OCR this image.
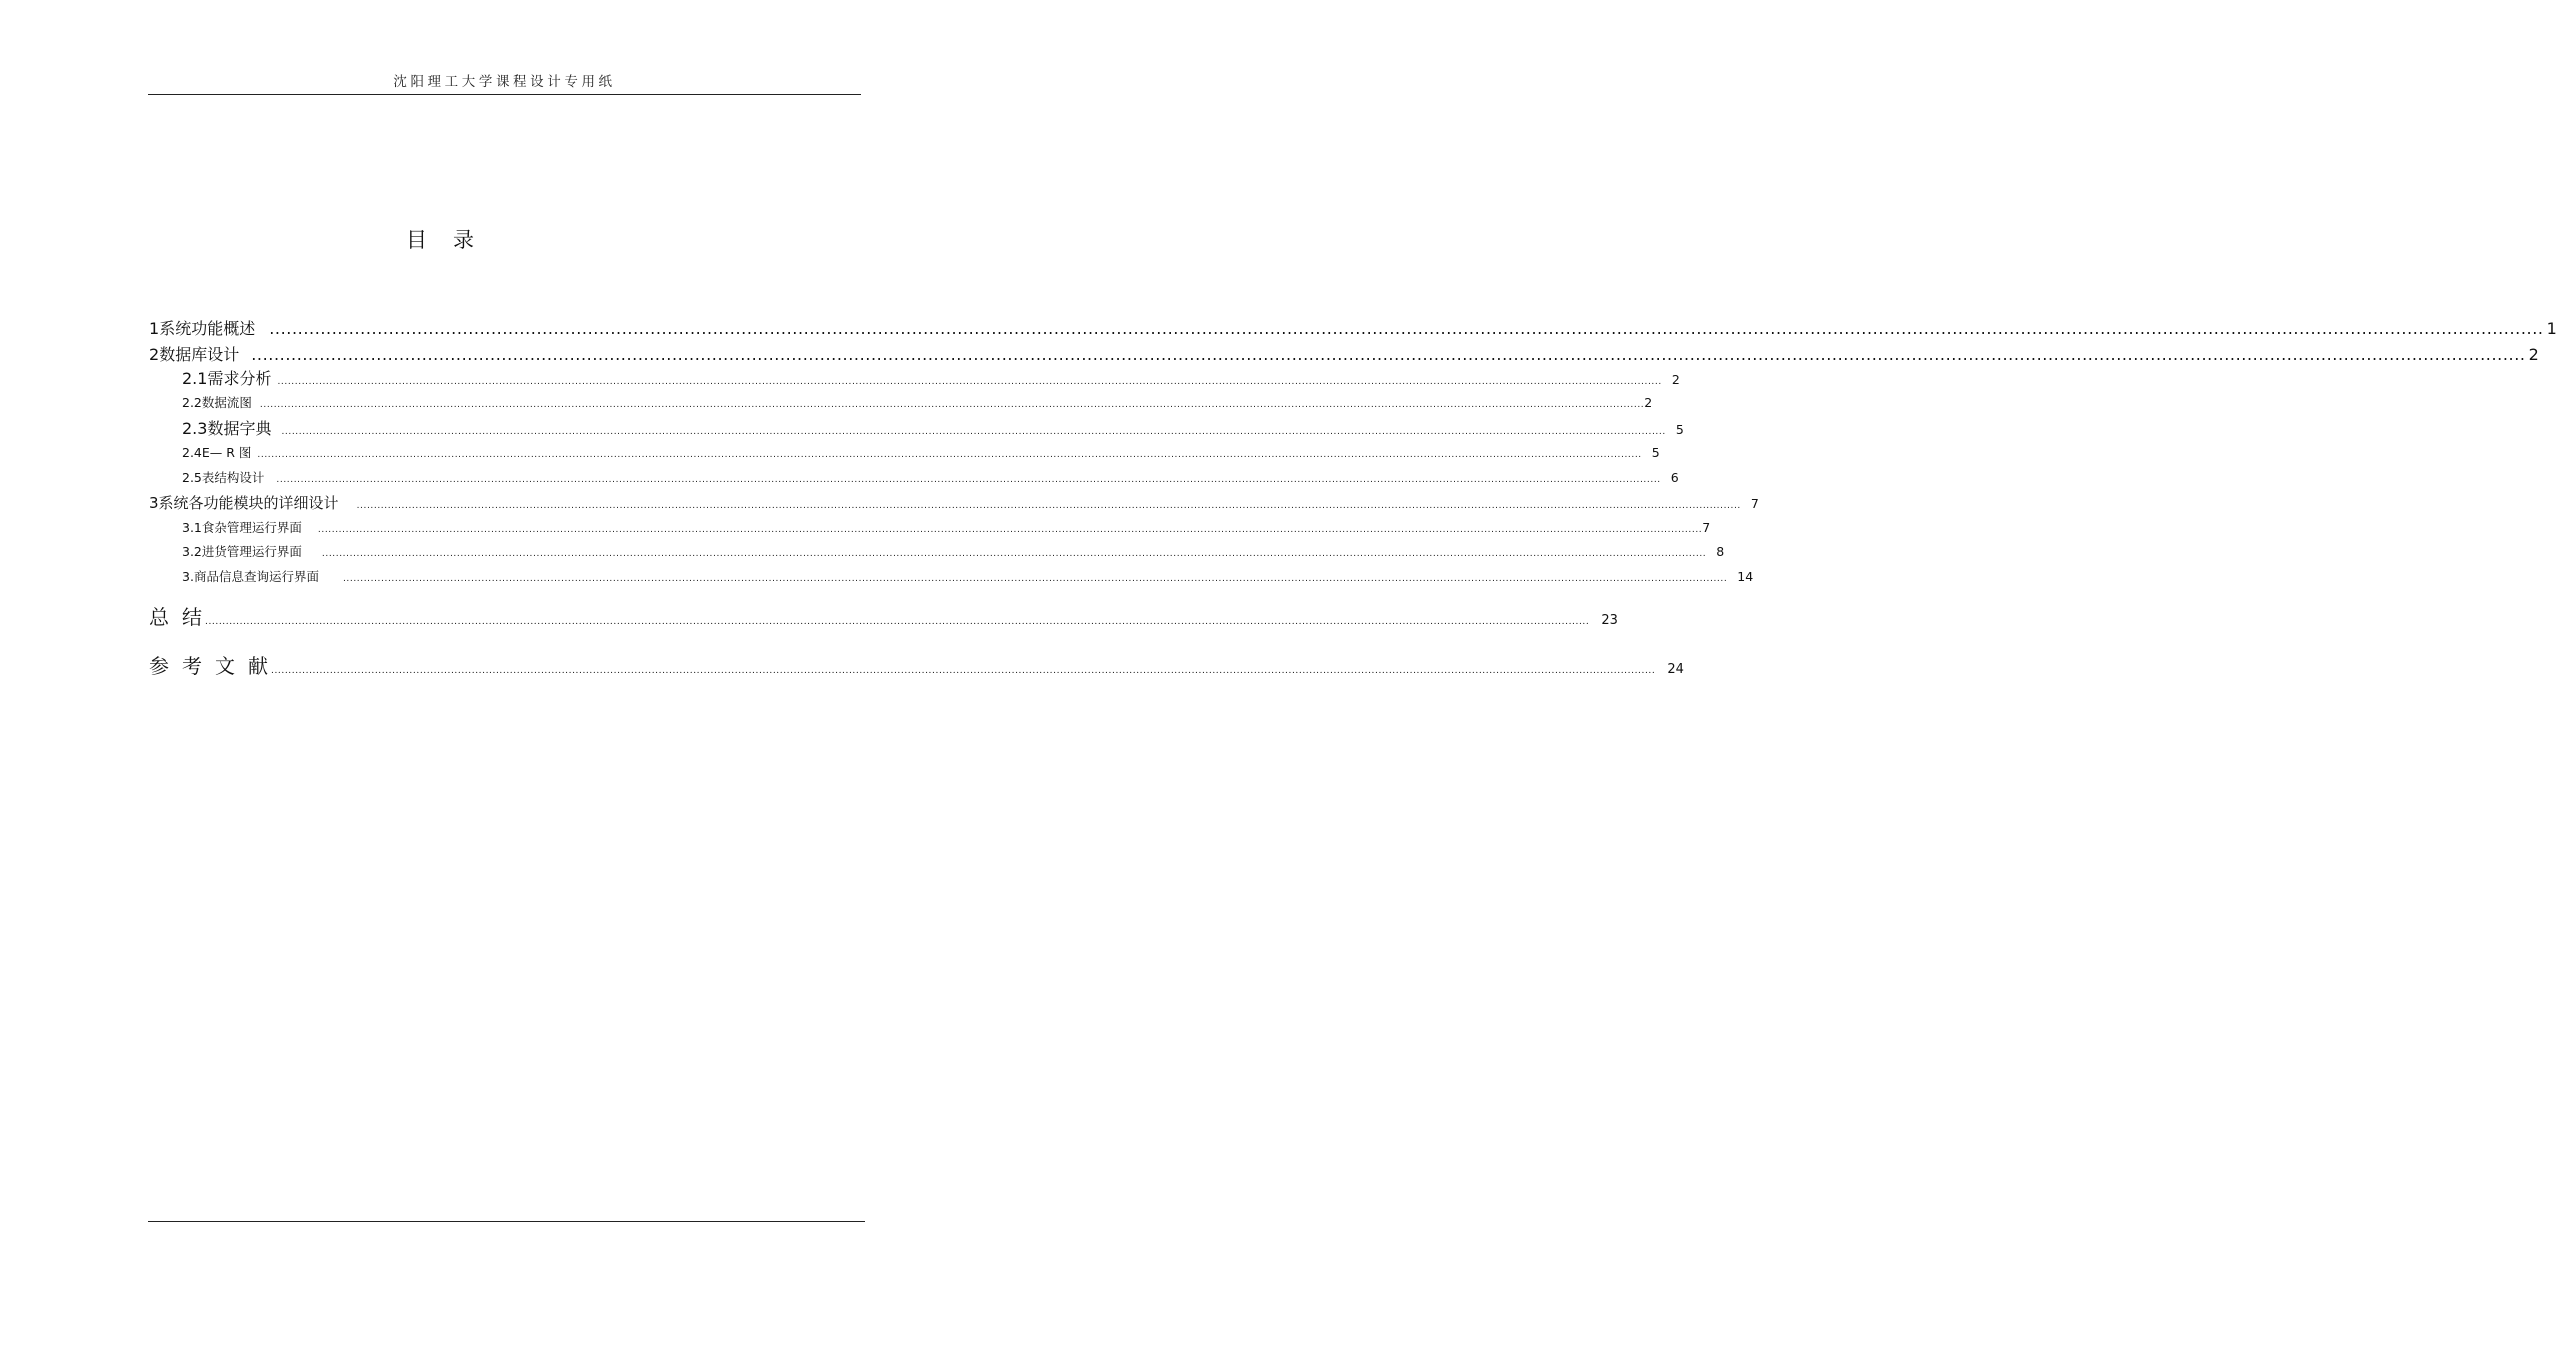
沈阳理工大学课程设计专用纸
目录
1 系统功能概述 ................................................................................................................................................................................................................................................................................................................................................................................................................ 1
2 数据库设计 ................................................................................................................................................................................................................................................................................................................................................................................................................ 2
2.1 需求分析 ................................................................................................................................................................................................................................................................................................................................................................................................................ 2
2.2 数据流图 ................................................................................................................................................................................................................................................................................................................................................................................................................ 2
2.3 数据字典 ................................................................................................................................................................................................................................................................................................................................................................................................................ 5
2.4 E— R 图 ................................................................................................................................................................................................................................................................................................................................................................................................................ 5
2.5 表结构设计 ................................................................................................................................................................................................................................................................................................................................................................................................................ 6
3 系统各功能模块的详细设计 ................................................................................................................................................................................................................................................................................................................................................................................................................ 7
3.1 食杂管理运行界面 ................................................................................................................................................................................................................................................................................................................................................................................................................ 7
3.2 进货管理运行界面 ................................................................................................................................................................................................................................................................................................................................................................................................................ 8
3. 商品信息查询运行界面	................................................................................................................................................................................................................................................................................................................................................................................................................ 14
总结
................................................................................................................................................................................................................................................................................................................................................................................................................ 23
参考文献
................................................................................................................................................................................................................................................................................................................................................................................................................ 24
